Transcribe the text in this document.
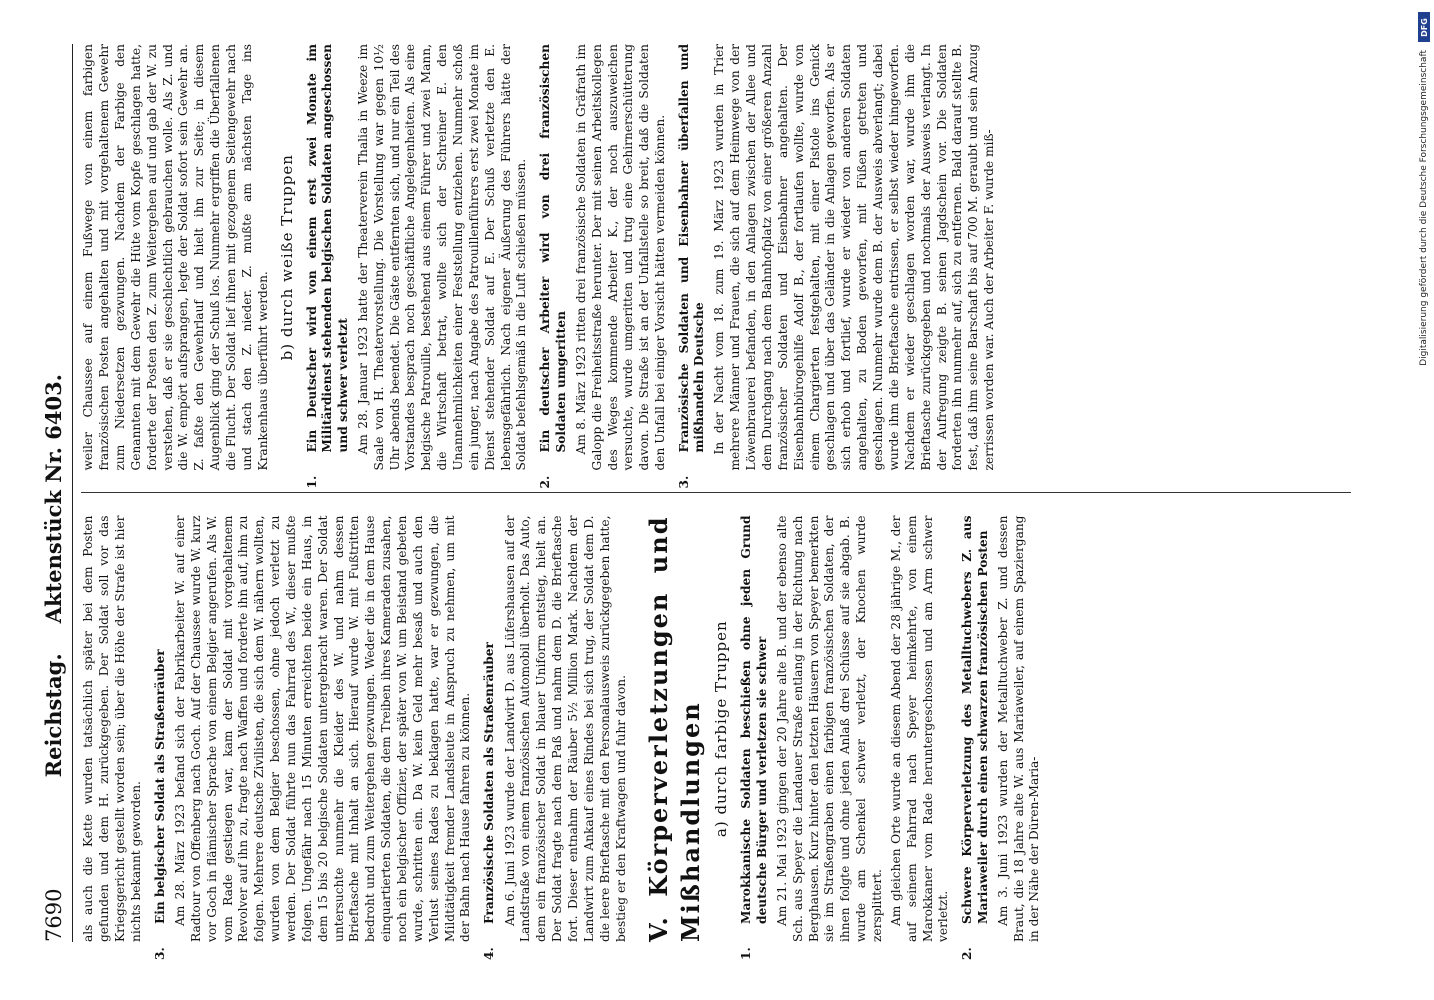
7690
Reichstag.
Aktenstück Nr. 6403.

als auch die Kette wurden tatsächlich später bei dem Posten gefunden und dem H. zurückgegeben. Der Soldat soll vor das Kriegsgericht gestellt worden sein; über die Höhe der Strafe ist hier nichts bekannt geworden.

3.Ein belgischer Soldat als Straßenräuber Am 28. März 1923 befand sich der Fabrikarbeiter W. auf einer Radtour von Offenberg nach Goch. Auf der Chaussee wurde W. kurz vor Goch in flämischer Sprache von einem Belgier angerufen. Als W. vom Rade gestiegen war, kam der Soldat mit vorgehaltenem Revolver auf ihn zu, fragte nach Waffen und forderte ihn auf, ihm zu folgen. Mehrere deutsche Zivilisten, die sich dem W. nähern wollten, wurden von dem Belgier beschossen, ohne jedoch verletzt zu werden. Der Soldat führte nun das Fahrrad des W., dieser mußte folgen. Ungefähr nach 15 Minuten erreichten beide ein Haus, in dem 15 bis 20 belgische Soldaten untergebracht waren. Der Soldat untersuchte nunmehr die Kleider des W. und nahm dessen Brieftasche mit Inhalt an sich. Hierauf wurde W. mit Fußtritten bedroht und zum Weitergehen gezwungen. Weder die in dem Hause einquartierten Soldaten, die dem Treiben ihres Kameraden zusahen, noch ein belgischer Offizier, der später von W. um Beistand gebeten wurde, schritten ein. Da W. kein Geld mehr besaß und auch den Verlust seines Rades zu beklagen hatte, war er gezwungen, die Mildtätigkeit fremder Landsleute in Anspruch zu nehmen, um mit der Bahn nach Hause fahren zu können.

4.Französische Soldaten als Straßenräuber Am 6. Juni 1923 wurde der Landwirt D. aus Lüfershausen auf der Landstraße von einem französischen Automobil überholt. Das Auto, dem ein französischer Soldat in blauer Uniform entstieg, hielt an. Der Soldat fragte nach dem Paß und nahm dem D. die Brieftasche fort. Dieser entnahm der Räuber 5½ Million Mark. Nachdem der Landwirt zum Ankauf eines Rindes bei sich trug, der Soldat dem D. die leere Brieftasche mit den Personalausweis zurückgegeben hatte, bestieg er den Kraftwagen und fuhr davon. V. Körperverletzungen und Mißhandlungen a) durch farbige Truppen
1.Marokkanische Soldaten beschießen ohne jeden Grund deutsche Bürger und verletzen sie schwer Am 21. Mai 1923 gingen der 20 Jahre alte B. und der ebenso alte Sch. aus Speyer die Landauer Straße entlang in der Richtung nach Berghausen. Kurz hinter den letzten Häusern von Speyer bemerkten sie im Straßengraben einen farbigen französischen Soldaten, der ihnen folgte und ohne jeden Anlaß drei Schüsse auf sie abgab. B. wurde am Schenkel schwer verletzt, der Knochen wurde zersplittert. Am gleichen Orte wurde an diesem Abend der 28 jährige M., der auf seinem Fahrrad nach Speyer heimkehrte, von einem Marokkaner vom Rade heruntergeschossen und am Arm schwer verletzt.

2.Schwere Körperverletzung des Metalltuchwebers Z. aus Mariaweiler durch einen schwarzen französischen Posten Am 3. Juni 1923 wurden der Metalltuchweber Z. und dessen Braut, die 18 Jahre alte W. aus Mariaweiler, auf einem Spaziergang in der Nähe der Düren-Maria-

weiler Chaussee auf einem Fußwege von einem farbigen französischen Posten angehalten und mit vorgehaltenem Gewehr zum Niedersetzen gezwungen. Nachdem der Farbige den Genannten mit dem Gewehr die Hüte vom Kopfe geschlagen hatte, forderte der Posten den Z. zum Weitergehen auf und gab der W. zu verstehen, daß er sie geschlechtlich gebrauchen wolle. Als Z. und die W. empört aufsprangen, legte der Soldat sofort sein Gewehr an. Z. faßte den Gewehrlauf und hielt ihn zur Seite; in diesem Augenblick ging der Schuß los. Nunmehr ergriffen die Überfallenen die Flucht. Der Soldat lief ihnen mit gezogenem Seitengewehr nach und stach den Z. nieder. Z. mußte am nächsten Tage ins Krankenhaus überführt werden.

b) durch weiße Truppen
1.Ein Deutscher wird von einem erst zwei Monate im Militärdienst stehenden belgischen Soldaten angeschossen und schwer verletzt Am 28. Januar 1923 hatte der Theaterverein Thalia in Weeze im Saale von H. Theatervorstellung. Die Vorstellung war gegen 10½ Uhr abends beendet. Die Gäste entfernten sich, und nur ein Teil des Vorstandes besprach noch geschäftliche Angelegenheiten. Als eine belgische Patrouille, bestehend aus einem Führer und zwei Mann, die Wirtschaft betrat, wollte sich der Schreiner E. den Unannehmlichkeiten einer Feststellung entziehen. Nunmehr schoß ein junger, nach Angabe des Patrouillenführers erst zwei Monate im Dienst stehender Soldat auf E. Der Schuß verletzte den E. lebensgefährlich. Nach eigener Äußerung des Führers hätte der Soldat befehlsgemäß in die Luft schießen müssen.

2.Ein deutscher Arbeiter wird von drei französischen Soldaten umgeritten Am 8. März 1923 ritten drei französische Soldaten in Gräfrath im Galopp die Freiheitsstraße herunter. Der mit seinen Arbeitskollegen des Weges kommende Arbeiter K., der noch auszuweichen versuchte, wurde umgeritten und trug eine Gehirnerschütterung davon. Die Straße ist an der Unfallstelle so breit, daß die Soldaten den Unfall bei einiger Vorsicht hätten vermeiden können.

3.Französische Soldaten und Eisenbahner überfallen und mißhandeln Deutsche In der Nacht vom 18. zum 19. März 1923 wurden in Trier mehrere Männer und Frauen, die sich auf dem Heimwege von der Löwenbrauerei befanden, in den Anlagen zwischen der Allee und dem Durchgang nach dem Bahnhofplatz von einer größeren Anzahl französischer Soldaten und Eisenbahner angehalten. Der Eisenbahnbürogehilfe Adolf B., der fortlaufen wollte, wurde von einem Chargierten festgehalten, mit einer Pistole ins Genick geschlagen und über das Geländer in die Anlagen geworfen. Als er sich erhob und fortlief, wurde er wieder von anderen Soldaten angehalten, zu Boden geworfen, mit Füßen getreten und geschlagen. Nunmehr wurde dem B. der Ausweis abverlangt; dabei wurde ihm die Brieftasche entrissen, er selbst wieder hingeworfen. Nachdem er wieder geschlagen worden war, wurde ihm die Brieftasche zurückgegeben und nochmals der Ausweis verlangt. In der Aufregung zeigte B. seinen Jagdschein vor. Die Soldaten forderten ihn nunmehr auf, sich zu entfernen. Bald darauf stellte B. fest, daß ihm seine Barschaft bis auf 700 M. geraubt und sein Anzug zerrissen worden war. Auch der Arbeiter F. wurde miß-

DFG
Digitalisierung gefördert durch die Deutsche Forschungsgemeinschaft
